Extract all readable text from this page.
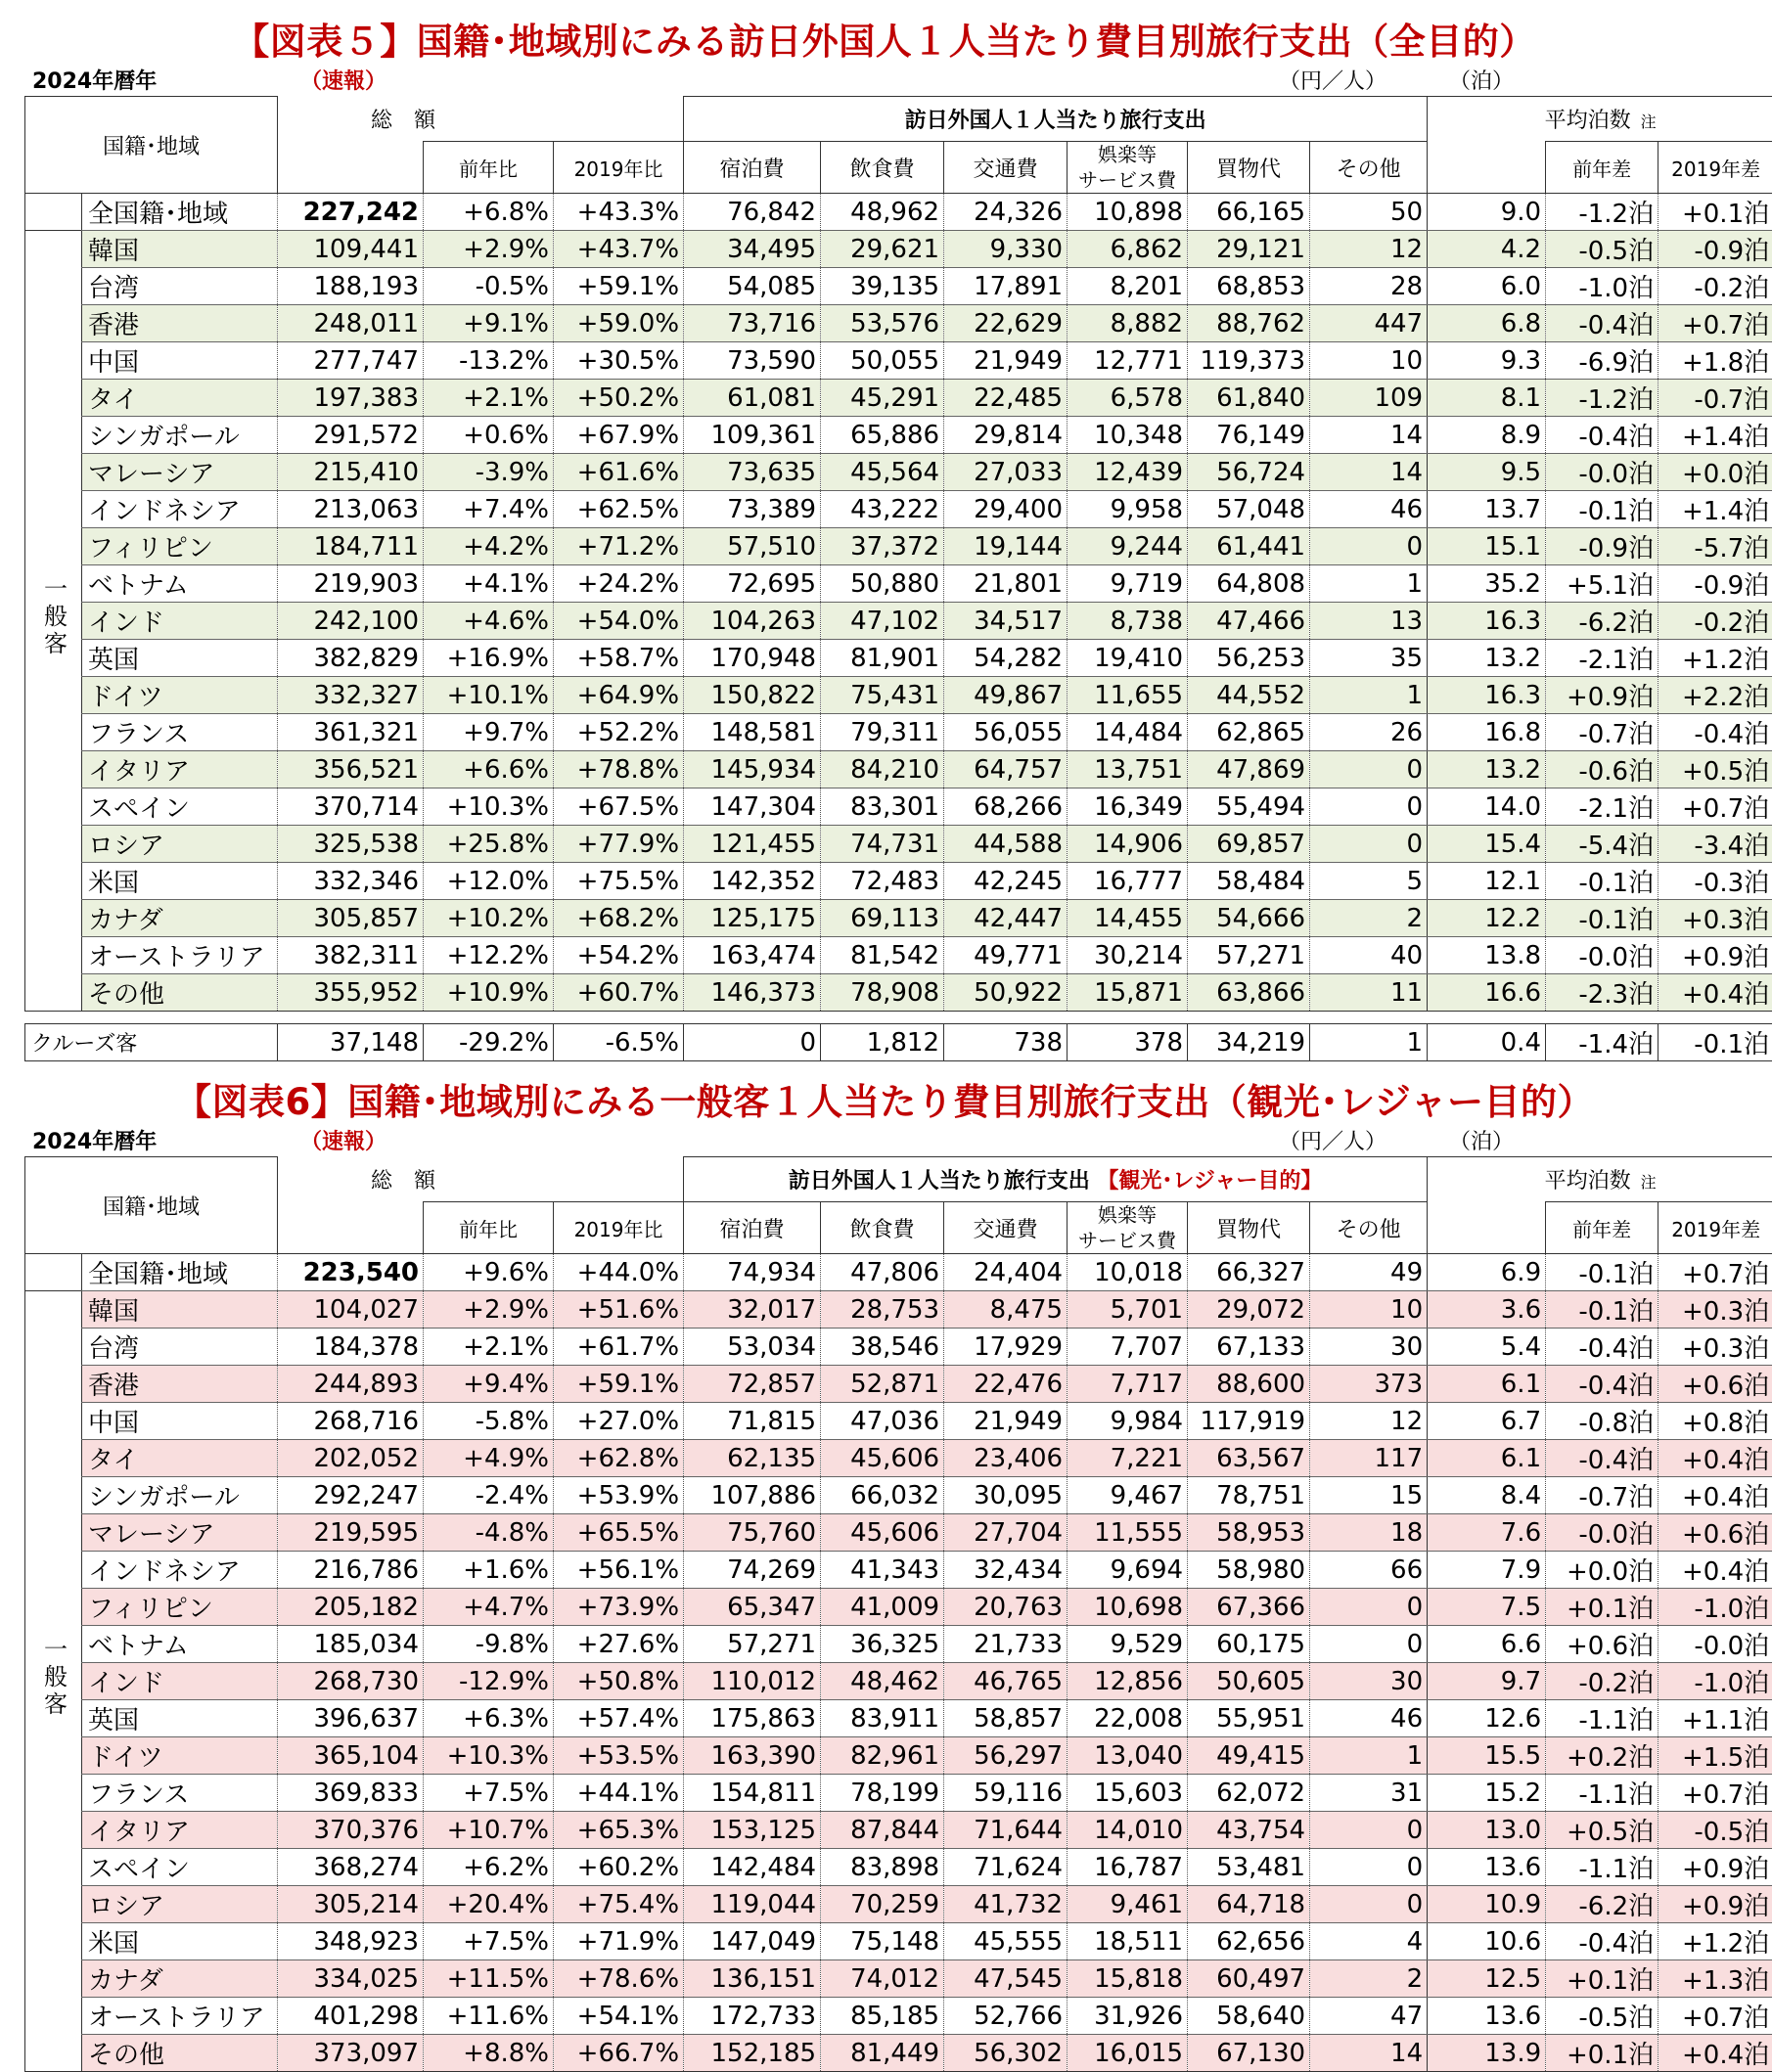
【図表５】国籍･地域別にみる訪日外国人１人当たり費目別旅行支出（全目的）
2024年暦年	（速報）	（円／人）	（泊）
国籍･地域		総　額			訪日外国人１人当たり旅行支出						平均泊数 注		
			前年比	2019年比	宿泊費	飲食費	交通費	娯楽等
サービス費	買物代	その他		前年差	2019年差
	全国籍･地域	227,242	+6.8%	+43.3%	76,842	48,962	24,326	10,898	66,165	50	9.0	-1.2泊	+0.1泊
一般客	韓国	109,441	+2.9%	+43.7%	34,495	29,621	9,330	6,862	29,121	12	4.2	-0.5泊	-0.9泊
	台湾	188,193	-0.5%	+59.1%	54,085	39,135	17,891	8,201	68,853	28	6.0	-1.0泊	-0.2泊
	香港	248,011	+9.1%	+59.0%	73,716	53,576	22,629	8,882	88,762	447	6.8	-0.4泊	+0.7泊
	中国	277,747	-13.2%	+30.5%	73,590	50,055	21,949	12,771	119,373	10	9.3	-6.9泊	+1.8泊
	タイ	197,383	+2.1%	+50.2%	61,081	45,291	22,485	6,578	61,840	109	8.1	-1.2泊	-0.7泊
	シンガポール	291,572	+0.6%	+67.9%	109,361	65,886	29,814	10,348	76,149	14	8.9	-0.4泊	+1.4泊
	マレーシア	215,410	-3.9%	+61.6%	73,635	45,564	27,033	12,439	56,724	14	9.5	-0.0泊	+0.0泊
	インドネシア	213,063	+7.4%	+62.5%	73,389	43,222	29,400	9,958	57,048	46	13.7	-0.1泊	+1.4泊
	フィリピン	184,711	+4.2%	+71.2%	57,510	37,372	19,144	9,244	61,441	0	15.1	-0.9泊	-5.7泊
	ベトナム	219,903	+4.1%	+24.2%	72,695	50,880	21,801	9,719	64,808	1	35.2	+5.1泊	-0.9泊
	インド	242,100	+4.6%	+54.0%	104,263	47,102	34,517	8,738	47,466	13	16.3	-6.2泊	-0.2泊
	英国	382,829	+16.9%	+58.7%	170,948	81,901	54,282	19,410	56,253	35	13.2	-2.1泊	+1.2泊
	ドイツ	332,327	+10.1%	+64.9%	150,822	75,431	49,867	11,655	44,552	1	16.3	+0.9泊	+2.2泊
	フランス	361,321	+9.7%	+52.2%	148,581	79,311	56,055	14,484	62,865	26	16.8	-0.7泊	-0.4泊
	イタリア	356,521	+6.6%	+78.8%	145,934	84,210	64,757	13,751	47,869	0	13.2	-0.6泊	+0.5泊
	スペイン	370,714	+10.3%	+67.5%	147,304	83,301	68,266	16,349	55,494	0	14.0	-2.1泊	+0.7泊
	ロシア	325,538	+25.8%	+77.9%	121,455	74,731	44,588	14,906	69,857	0	15.4	-5.4泊	-3.4泊
	米国	332,346	+12.0%	+75.5%	142,352	72,483	42,245	16,777	58,484	5	12.1	-0.1泊	-0.3泊
	カナダ	305,857	+10.2%	+68.2%	125,175	69,113	42,447	14,455	54,666	2	12.2	-0.1泊	+0.3泊
	オーストラリア	382,311	+12.2%	+54.2%	163,474	81,542	49,771	30,214	57,271	40	13.8	-0.0泊	+0.9泊
	その他	355,952	+10.9%	+60.7%	146,373	78,908	50,922	15,871	63,866	11	16.6	-2.3泊	+0.4泊
クルーズ客	37,148	-29.2%	-6.5%	0	1,812	738	378	34,219	1	0.4	-1.4泊	-0.1泊
【図表6】国籍･地域別にみる一般客１人当たり費目別旅行支出（観光･レジャー目的）
2024年暦年	（速報）	（円／人）	（泊）
国籍･地域		総　額			訪日外国人１人当たり旅行支出 【観光･レジャー目的】						平均泊数 注		
			前年比	2019年比	宿泊費	飲食費	交通費	娯楽等
サービス費	買物代	その他		前年差	2019年差
	全国籍･地域	223,540	+9.6%	+44.0%	74,934	47,806	24,404	10,018	66,327	49	6.9	-0.1泊	+0.7泊
一般客	韓国	104,027	+2.9%	+51.6%	32,017	28,753	8,475	5,701	29,072	10	3.6	-0.1泊	+0.3泊
	台湾	184,378	+2.1%	+61.7%	53,034	38,546	17,929	7,707	67,133	30	5.4	-0.4泊	+0.3泊
	香港	244,893	+9.4%	+59.1%	72,857	52,871	22,476	7,717	88,600	373	6.1	-0.4泊	+0.6泊
	中国	268,716	-5.8%	+27.0%	71,815	47,036	21,949	9,984	117,919	12	6.7	-0.8泊	+0.8泊
	タイ	202,052	+4.9%	+62.8%	62,135	45,606	23,406	7,221	63,567	117	6.1	-0.4泊	+0.4泊
	シンガポール	292,247	-2.4%	+53.9%	107,886	66,032	30,095	9,467	78,751	15	8.4	-0.7泊	+0.4泊
	マレーシア	219,595	-4.8%	+65.5%	75,760	45,606	27,704	11,555	58,953	18	7.6	-0.0泊	+0.6泊
	インドネシア	216,786	+1.6%	+56.1%	74,269	41,343	32,434	9,694	58,980	66	7.9	+0.0泊	+0.4泊
	フィリピン	205,182	+4.7%	+73.9%	65,347	41,009	20,763	10,698	67,366	0	7.5	+0.1泊	-1.0泊
	ベトナム	185,034	-9.8%	+27.6%	57,271	36,325	21,733	9,529	60,175	0	6.6	+0.6泊	-0.0泊
	インド	268,730	-12.9%	+50.8%	110,012	48,462	46,765	12,856	50,605	30	9.7	-0.2泊	-1.0泊
	英国	396,637	+6.3%	+57.4%	175,863	83,911	58,857	22,008	55,951	46	12.6	-1.1泊	+1.1泊
	ドイツ	365,104	+10.3%	+53.5%	163,390	82,961	56,297	13,040	49,415	1	15.5	+0.2泊	+1.5泊
	フランス	369,833	+7.5%	+44.1%	154,811	78,199	59,116	15,603	62,072	31	15.2	-1.1泊	+0.7泊
	イタリア	370,376	+10.7%	+65.3%	153,125	87,844	71,644	14,010	43,754	0	13.0	+0.5泊	-0.5泊
	スペイン	368,274	+6.2%	+60.2%	142,484	83,898	71,624	16,787	53,481	0	13.6	-1.1泊	+0.9泊
	ロシア	305,214	+20.4%	+75.4%	119,044	70,259	41,732	9,461	64,718	0	10.9	-6.2泊	+0.9泊
	米国	348,923	+7.5%	+71.9%	147,049	75,148	45,555	18,511	62,656	4	10.6	-0.4泊	+1.2泊
	カナダ	334,025	+11.5%	+78.6%	136,151	74,012	47,545	15,818	60,497	2	12.5	+0.1泊	+1.3泊
	オーストラリア	401,298	+11.6%	+54.1%	172,733	85,185	52,766	31,926	58,640	47	13.6	-0.5泊	+0.7泊
	その他	373,097	+8.8%	+66.7%	152,185	81,449	56,302	16,015	67,130	14	13.9	+0.1泊	+0.4泊
